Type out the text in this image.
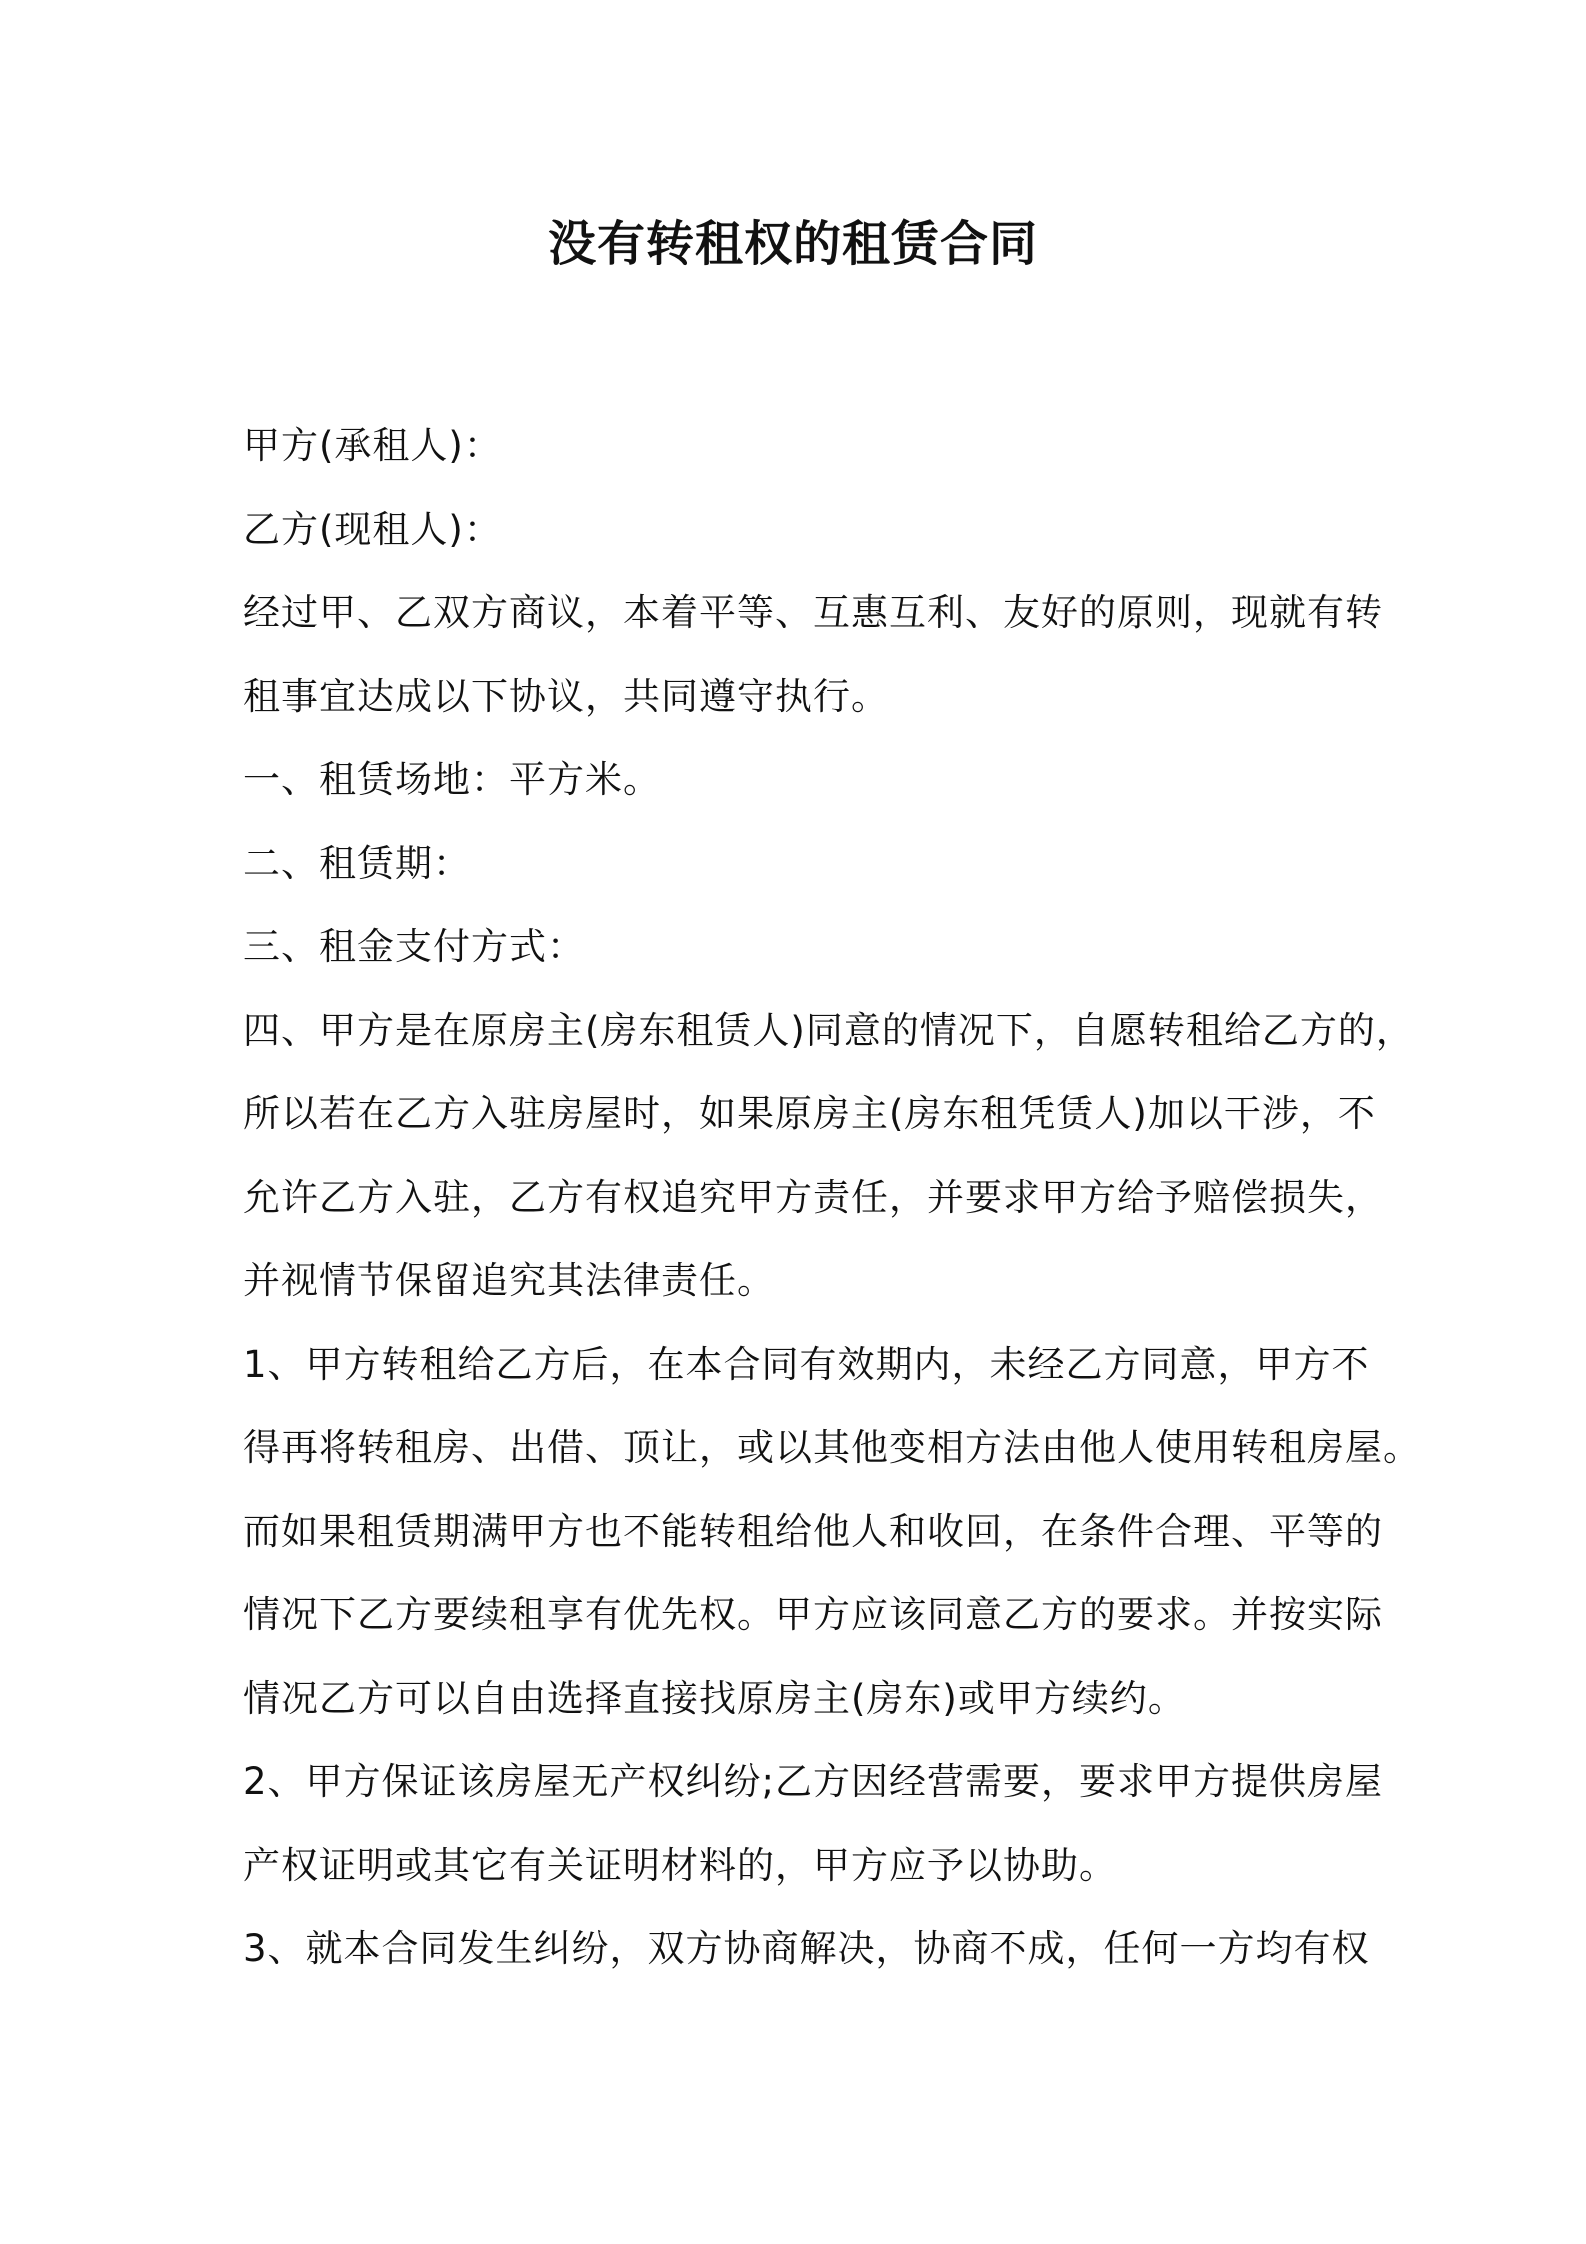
没有转租权的租赁合同
甲方(承租人)：
乙方(现租人)：
经过甲、乙双方商议，本着平等、互惠互利、友好的原则，现就有转
租事宜达成以下协议，共同遵守执行。
一、租赁场地：平方米。
二、租赁期：
三、租金支付方式：
四、甲方是在原房主(房东租赁人)同意的情况下，自愿转租给乙方的，
所以若在乙方入驻房屋时，如果原房主(房东租凭赁人)加以干涉，不
允许乙方入驻，乙方有权追究甲方责任，并要求甲方给予赔偿损失，
并视情节保留追究其法律责任。
1、甲方转租给乙方后，在本合同有效期内，未经乙方同意，甲方不
得再将转租房、出借、顶让，或以其他变相方法由他人使用转租房屋。
而如果租赁期满甲方也不能转租给他人和收回，在条件合理、平等的
情况下乙方要续租享有优先权。甲方应该同意乙方的要求。并按实际
情况乙方可以自由选择直接找原房主(房东)或甲方续约。
2、甲方保证该房屋无产权纠纷;乙方因经营需要，要求甲方提供房屋
产权证明或其它有关证明材料的，甲方应予以协助。
3、就本合同发生纠纷，双方协商解决，协商不成，任何一方均有权
